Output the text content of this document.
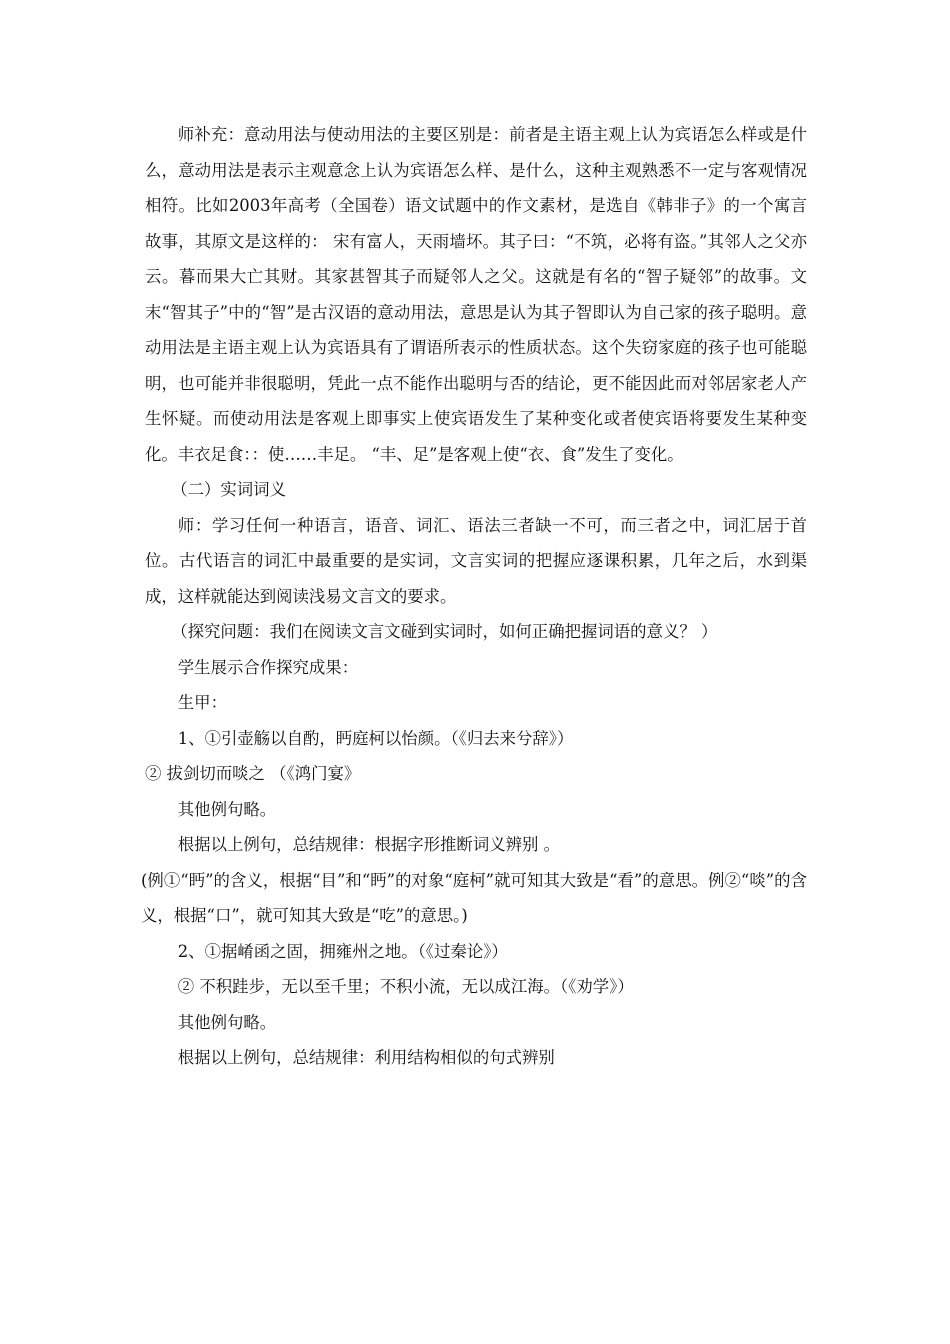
师补充：意动用法与使动用法的主要区别是：前者是主语主观上认为宾语怎么样或是什么，意动用法是表示主观意念上认为宾语怎么样、是什么，这种主观熟悉不一定与客观情况相符。比如2003年高考（全国卷）语文试题中的作文素材，是选自《韩非子》的一个寓言故事，其原文是这样的： 宋有富人，天雨墙坏。其子曰：“不筑，必将有盗。”其邻人之父亦云。暮而果大亡其财。其家甚智其子而疑邻人之父。这就是有名的“智子疑邻”的故事。文末“智其子”中的“智”是古汉语的意动用法，意思是认为其子智即认为自己家的孩子聪明。意动用法是主语主观上认为宾语具有了谓语所表示的性质状态。这个失窃家庭的孩子也可能聪明，也可能并非很聪明，凭此一点不能作出聪明与否的结论，更不能因此而对邻居家老人产生怀疑。而使动用法是客观上即事实上使宾语发生了某种变化或者使宾语将要发生某种变化。丰衣足食：：使……丰足。 “丰、足”是客观上使“衣、食”发生了变化。

（二）实词词义

师：学习任何一种语言，语音、词汇、语法三者缺一不可，而三者之中，词汇居于首位。古代语言的词汇中最重要的是实词，文言实词的把握应逐课积累，几年之后，水到渠成，这样就能达到阅读浅易文言文的要求。

（探究问题：我们在阅读文言文碰到实词时，如何正确把握词语的意义？ ）

学生展示合作探究成果：

生甲：

1、①引壶觞以自酌，眄庭柯以怡颜。（《归去来兮辞》）

② 拔剑切而啖之 （《鸿门宴》

其他例句略。

根据以上例句，总结规律：根据字形推断词义辨别 。

(例①“眄”的含义，根据“目”和“眄”的对象“庭柯”就可知其大致是“看”的意思。例②“啖”的含义，根据“口”，就可知其大致是“吃”的意思。)

2、①据崤函之固，拥雍州之地。（《过秦论》）

② 不积跬步，无以至千里；不积小流，无以成江海。（《劝学》）

其他例句略。

根据以上例句，总结规律：利用结构相似的句式辨别
